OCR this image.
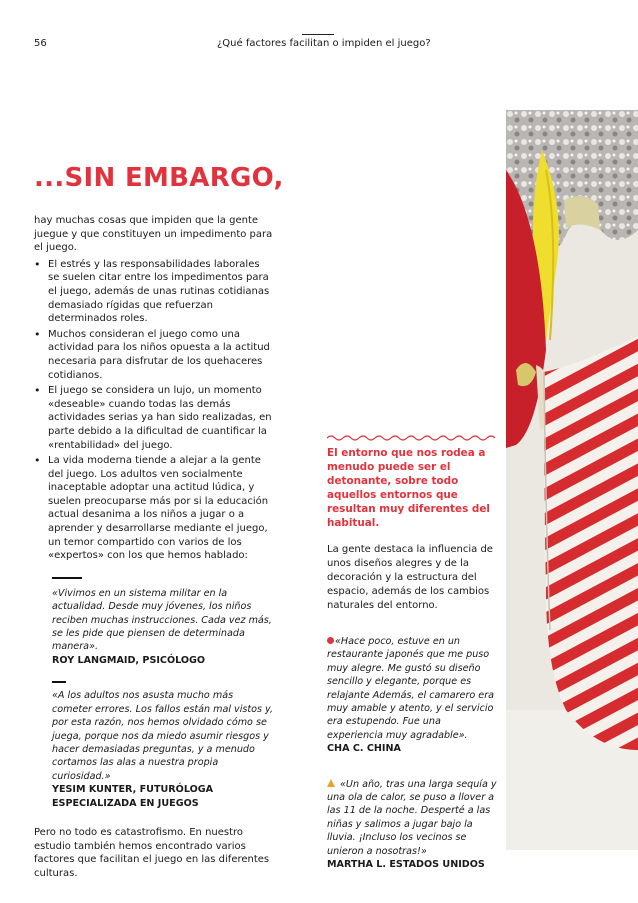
56	¿Qué factores facilitan o impiden el juego?
...SIN EMBARGO,

hay muchas cosas que impiden que la gente juegue y que constituyen un impedimento para el juego.

• El estrés y las responsabilidades laborales se suelen citar entre los impedimentos para el juego, además de unas rutinas cotidianas demasiado rígidas que refuerzan determinados roles.
• Muchos consideran el juego como una actividad para los niños opuesta a la actitud necesaria para disfrutar de los quehaceres cotidianos.
• El juego se considera un lujo, un momento «deseable» cuando todas las demás actividades serias ya han sido realizadas, en parte debido a la dificultad de cuantificar la «rentabilidad» del juego.
• La vida moderna tiende a alejar a la gente del juego. Los adultos ven socialmente inaceptable adoptar una actitud lúdica, y suelen preocuparse más por si la educación actual desanima a los niños a jugar o a aprender y desarrollarse mediante el juego, un temor compartido con varios de los «expertos» con los que hemos hablado:

«Vivimos en un sistema militar en la actualidad. Desde muy jóvenes, los niños reciben muchas instrucciones. Cada vez más, se les pide que piensen de determinada manera».

ROY LANGMAID, PSICÓLOGO

«A los adultos nos asusta mucho más cometer errores. Los fallos están mal vistos y, por esta razón, nos hemos olvidado cómo se juega, porque nos da miedo asumir riesgos y hacer demasiadas preguntas, y a menudo cortamos las alas a nuestra propia curiosidad.»

YESIM KUNTER, FUTURÓLOGA

ESPECIALIZADA EN JUEGOS

Pero no todo es catastrofismo. En nuestro estudio también hemos encontrado varios factores que facilitan el juego en las diferentes culturas.

El entorno que nos rodea a menudo puede ser el detonante, sobre todo aquellos entornos que resultan muy diferentes del habitual.

La gente destaca la influencia de unos diseños alegres y de la decoración y la estructura del espacio, además de los cambios naturales del entorno.

«Hace poco, estuve en un restaurante japonés que me puso muy alegre. Me gustó su diseño sencillo y elegante, porque es relajante Además, el camarero era muy amable y atento, y el servicio era estupendo. Fue una experiencia muy agradable».
CHA C. CHINA
«Un año, tras una larga sequía y una ola de calor, se puso a llover a las 11 de la noche. Desperté a las niñas y salimos a jugar bajo la lluvia. ¡Incluso los vecinos se unieron a nosotras!»
MARTHA L. ESTADOS UNIDOS
